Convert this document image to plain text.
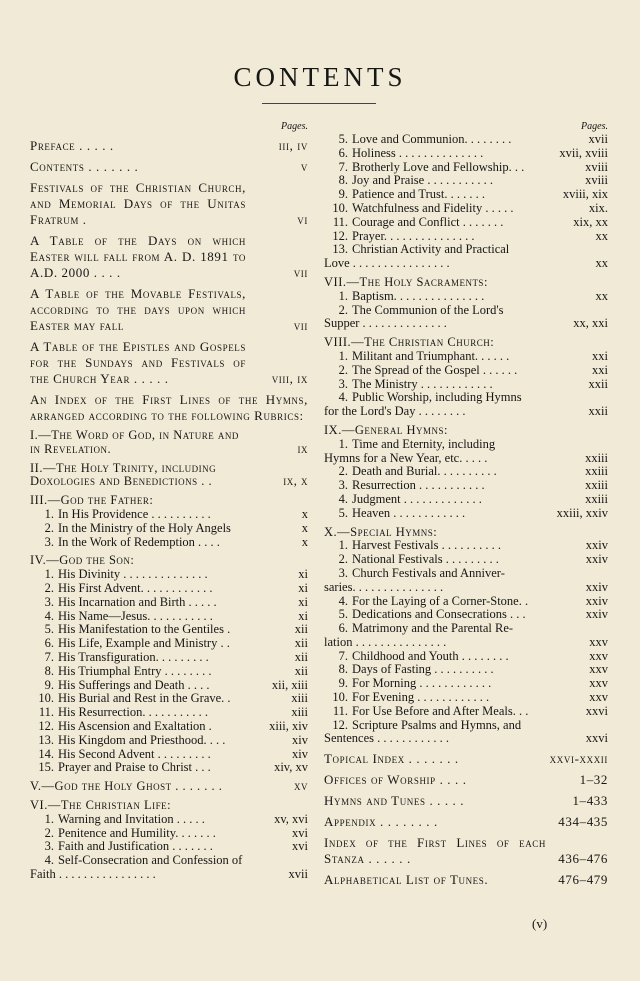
CONTENTS
Pages.
Preface . . . . .	iii, iv
Contents . . . . . . .	v
Festivals of the Christian Church, and Memorial Days of the Unitas Fratrum .	vi
A Table of the Days on which Easter will fall from A. D. 1891 to A.D. 2000 . . . .	vii
A Table of the Movable Festivals, according to the days upon which Easter may fall	vii
A Table of the Epistles and Gospels for the Sundays and Festivals of the Church Year . . . . .	viii, ix
An Index of the First Lines of the Hymns, arranged according to the following Rubrics:
I.—The Word of God, in Nature and in Revelation.	ix
II.—The Holy Trinity, including Doxologies and Benedictions . .	ix, x
III.—God the Father:
1. In His Providence . . . . . . . . . .	x
2. In the Ministry of the Holy Angels	x
3. In the Work of Redemption . . . .	x
IV.—God the Son:
1. His Divinity . . . . . . . . . . . . . .	xi
2. His First Advent. . . . . . . . . . . .	xi
3. His Incarnation and Birth . . . . .	xi
4. His Name—Jesus. . . . . . . . . . .	xi
5. His Manifestation to the Gentiles .	xii
6. His Life, Example and Ministry . .	xii
7. His Transfiguration. . . . . . . . .	xii
8. His Triumphal Entry . . . . . . . .	xii
9. His Sufferings and Death . . . .	xii, xiii
10. His Burial and Rest in the Grave. .	xiii
11. His Resurrection. . . . . . . . . . .	xiii
12. His Ascension and Exaltation .	xiii, xiv
13. His Kingdom and Priesthood. . . .	xiv
14. His Second Advent . . . . . . . . .	xiv
15. Prayer and Praise to Christ . . .	xiv, xv
V.—God the Holy Ghost . . . . . . .	xv
VI.—The Christian Life:
1. Warning and Invitation . . . . .	xv, xvi
2. Penitence and Humility. . . . . . .	xvi
3. Faith and Justification . . . . . . .	xvi
4. Self-Consecration and Confession of
Faith . . . . . . . . . . . . . . . .	xvii
Pages.
5. Love and Communion. . . . . . . .	xvii
6. Holiness . . . . . . . . . . . . . .	xvii, xviii
7. Brotherly Love and Fellowship. . .	xviii
8. Joy and Praise . . . . . . . . . . .	xviii
9. Patience and Trust. . . . . . .	xviii, xix
10. Watchfulness and Fidelity . . . . .	xix.
11. Courage and Conflict . . . . . . .	xix, xx
12. Prayer. . . . . . . . . . . . . . .	xx
13. Christian Activity and Practical
Love . . . . . . . . . . . . . . . .	xx
VII.—The Holy Sacraments:
1. Baptism. . . . . . . . . . . . . . .	xx
2. The Communion of the Lord's
Supper . . . . . . . . . . . . . .	xx, xxi
VIII.—The Christian Church:
1. Militant and Triumphant. . . . . .	xxi
2. The Spread of the Gospel . . . . . .	xxi
3. The Ministry . . . . . . . . . . . .	xxii
4. Public Worship, including Hymns
for the Lord's Day . . . . . . . .	xxii
IX.—General Hymns:
1. Time and Eternity, including
Hymns for a New Year, etc. . . . .	xxiii
2. Death and Burial. . . . . . . . . .	xxiii
3. Resurrection . . . . . . . . . . .	xxiii
4. Judgment . . . . . . . . . . . . .	xxiii
5. Heaven . . . . . . . . . . . .	xxiii, xxiv
X.—Special Hymns:
1. Harvest Festivals . . . . . . . . . .	xxiv
2. National Festivals . . . . . . . . .	xxiv
3. Church Festivals and Anniver-
saries. . . . . . . . . . . . . . .	xxiv
4. For the Laying of a Corner-Stone. .	xxiv
5. Dedications and Consecrations . . .	xxiv
6. Matrimony and the Parental Re-
lation . . . . . . . . . . . . . . .	xxv
7. Childhood and Youth . . . . . . . .	xxv
8. Days of Fasting . . . . . . . . . .	xxv
9. For Morning . . . . . . . . . . . .	xxv
10. For Evening . . . . . . . . . . . .	xxv
11. For Use Before and After Meals. . .	xxvi
12. Scripture Psalms and Hymns, and
Sentences . . . . . . . . . . . .	xxvi
Topical Index . . . . . . .	xxvi-xxxii
Offices of Worship . . . .	1–32
Hymns and Tunes . . . . .	1–433
Appendix . . . . . . . .	434–435
Index of the First Lines of each Stanza . . . . . .	436–476
Alphabetical List of Tunes.	476–479
(v)
